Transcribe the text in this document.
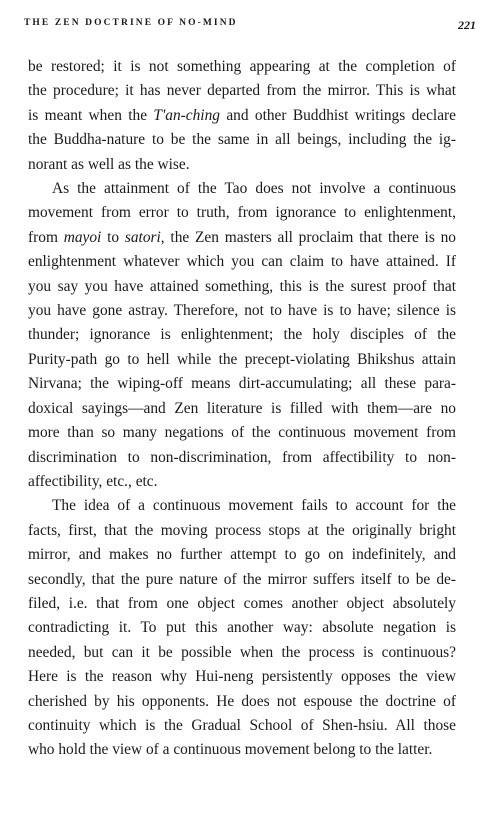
THE ZEN DOCTRINE OF NO-MIND	221

be restored; it is not something appearing at the completion of
the procedure; it has never departed from the mirror. This is what
is meant when the T'an-ching and other Buddhist writings declare
the Buddha-nature to be the same in all beings, including the ig-
norant as well as the wise.

As the attainment of the Tao does not involve a continuous
movement from error to truth, from ignorance to enlightenment,
from mayoi to satori, the Zen masters all proclaim that there is no
enlightenment whatever which you can claim to have attained. If
you say you have attained something, this is the surest proof that
you have gone astray. Therefore, not to have is to have; silence is
thunder; ignorance is enlightenment; the holy disciples of the
Purity-path go to hell while the precept-violating Bhikshus attain
Nirvana; the wiping-off means dirt-accumulating; all these para-
doxical sayings—and Zen literature is filled with them—are no
more than so many negations of the continuous movement from
discrimination to non-discrimination, from affectibility to non-
affectibility, etc., etc.

The idea of a continuous movement fails to account for the
facts, first, that the moving process stops at the originally bright
mirror, and makes no further attempt to go on indefinitely, and
secondly, that the pure nature of the mirror suffers itself to be de-
filed, i.e. that from one object comes another object absolutely
contradicting it. To put this another way: absolute negation is
needed, but can it be possible when the process is continuous?
Here is the reason why Hui-neng persistently opposes the view
cherished by his opponents. He does not espouse the doctrine of
continuity which is the Gradual School of Shen-hsiu. All those
who hold the view of a continuous movement belong to the latter.
